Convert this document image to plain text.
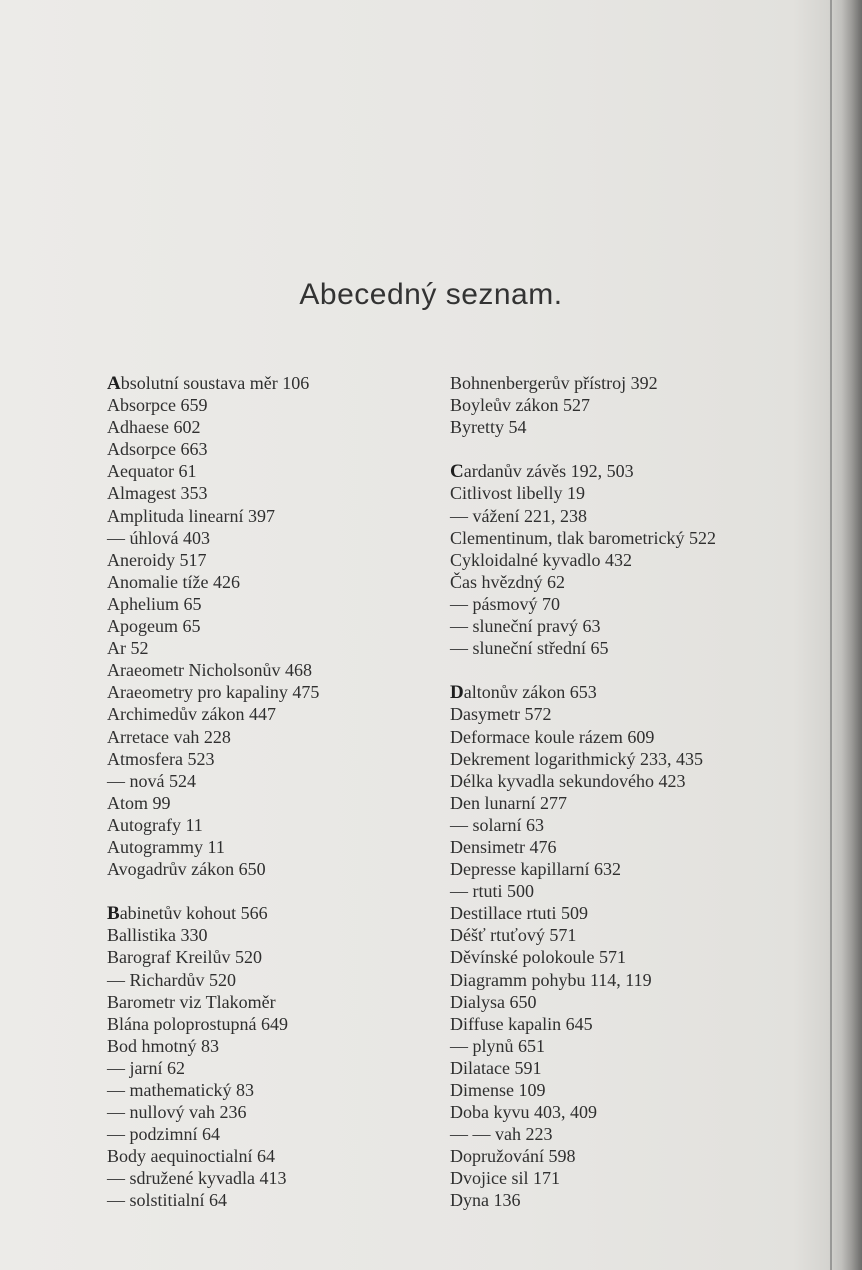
Abecedný seznam.
Absolutní soustava měr 106
Absorpce 659
Adhaese 602
Adsorpce 663
Aequator 61
Almagest 353
Amplituda linearní 397
— úhlová 403
Aneroidy 517
Anomalie tíže 426
Aphelium 65
Apogeum 65
Ar 52
Araeometr Nicholsonův 468
Araeometry pro kapaliny 475
Archimedův zákon 447
Arretace vah 228
Atmosfera 523
— nová 524
Atom 99
Autografy 11
Autogrammy 11
Avogadrův zákon 650
Babinetův kohout 566
Ballistika 330
Barograf Kreilův 520
— Richardův 520
Barometr viz Tlakoměr
Blána poloprostupná 649
Bod hmotný 83
— jarní 62
— mathematický 83
— nullový vah 236
— podzimní 64
Body aequinoctialní 64
— sdružené kyvadla 413
— solstitialní 64
Bohnenbergerův přístroj 392
Boyleův zákon 527
Byretty 54
Cardanův závěs 192, 503
Citlivost libelly 19
— vážení 221, 238
Clementinum, tlak barometrický 522
Cykloidalné kyvadlo 432
Čas hvězdný 62
— pásmový 70
— sluneční pravý 63
— sluneční střední 65
Daltonův zákon 653
Dasymetr 572
Deformace koule rázem 609
Dekrement logarithmický 233, 435
Délka kyvadla sekundového 423
Den lunarní 277
— solarní 63
Densimetr 476
Depresse kapillarní 632
— rtuti 500
Destillace rtuti 509
Déšť rtuťový 571
Děvínské polokoule 571
Diagramm pohybu 114, 119
Dialysa 650
Diffuse kapalin 645
— plynů 651
Dilatace 591
Dimense 109
Doba kyvu 403, 409
— — vah 223
Dopružování 598
Dvojice sil 171
Dyna 136
